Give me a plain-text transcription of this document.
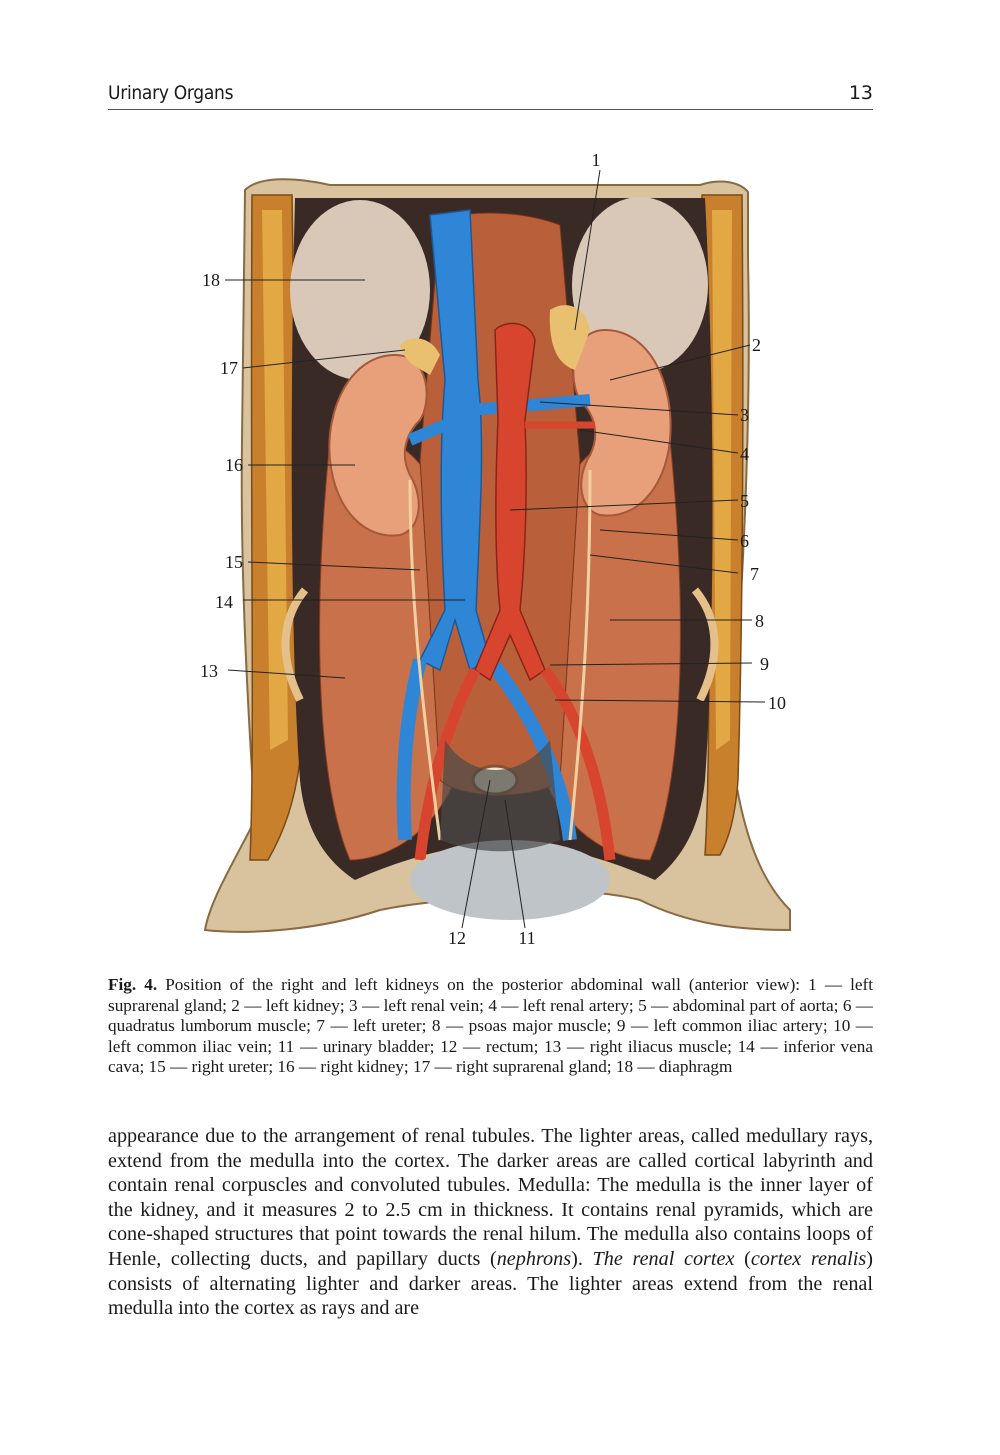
Urinary Organs	13
1
2
3
4
5
6
7
8
9
10
11
12
13
14
15
16
17
18
Fig. 4. Position of the right and left kidneys on the posterior abdominal wall (anterior view): 1 — left suprarenal gland; 2 — left kidney; 3 — left renal vein; 4 — left renal artery; 5 — abdominal part of aorta; 6 — quadratus lumborum muscle; 7 — left ureter; 8 — psoas major muscle; 9 — left common iliac artery; 10 — left common iliac vein; 11 — urinary bladder; 12 — rectum; 13 — right iliacus muscle; 14 — inferior vena cava; 15 — right ureter; 16 — right kidney; 17 — right suprarenal gland; 18 — diaphragm
appearance due to the arrangement of renal tubules. The lighter areas, called medullary rays, extend from the medulla into the cortex. The darker areas are called cortical labyrinth and contain renal corpuscles and convoluted tubules. Medulla: The medulla is the inner layer of the kidney, and it measures 2 to 2.5 cm in thickness. It contains renal pyramids, which are cone-shaped structures that point towards the renal hilum. The medulla also contains loops of Henle, collecting ducts, and papillary ducts (nephrons). The renal cortex (cortex renalis) consists of alternating lighter and darker areas. The lighter areas extend from the renal medulla into the cortex as rays and are
